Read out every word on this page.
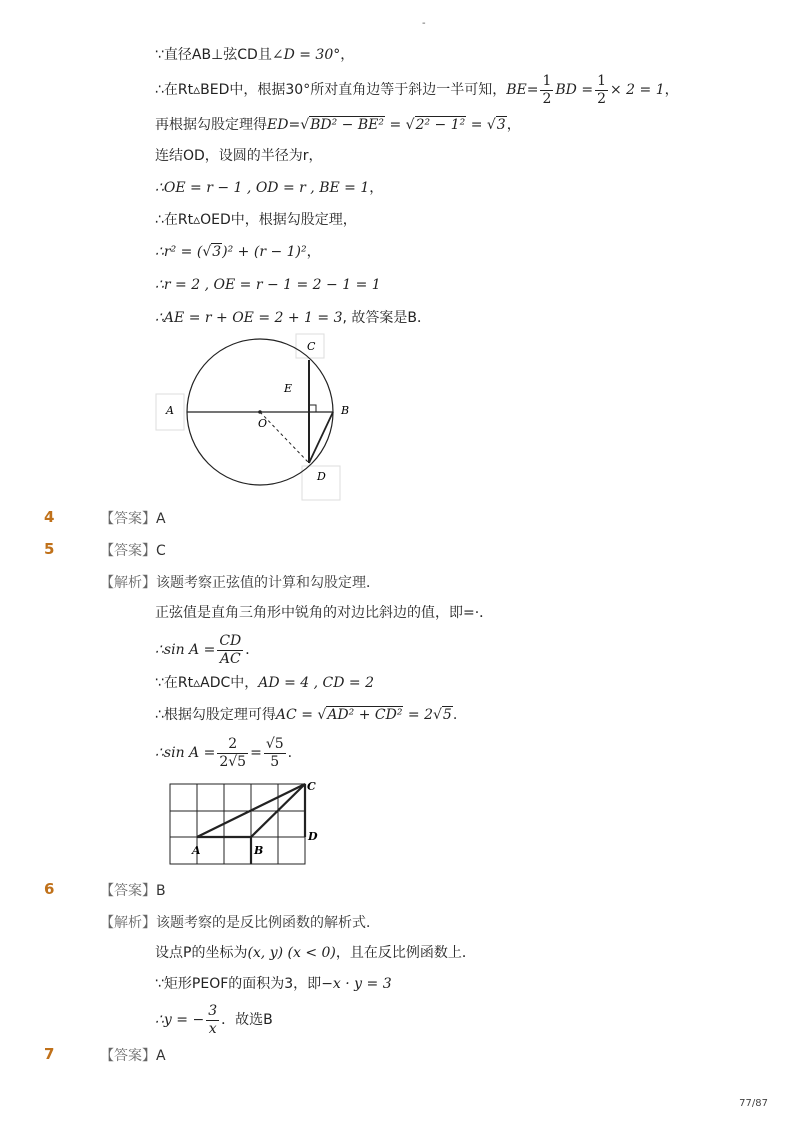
-
∵直径AB⊥弦CD且∠D = 30°，
∴在Rt▵BED中，根据30°所对直角边等于斜边一半可知，$BE= \frac{1}{2}$ BD = $\frac{1}{2} \times 2 = 1$，
再根据勾股定理得ED=√BD² − BE² = √2² − 1² = √3，
连结OD，设圆的半径为r，
∴OE = r − 1 , OD = r , BE = 1，
∴在Rt▵OED中，根据勾股定理，
∴r² = (√3)² + (r − 1)²，
∴r = 2 , OE = r − 1 = 2 − 1 = 1
∴AE = r + OE = 2 + 1 = 3, 故答案是B．
C
E
A
O
B
D
4	【答案】A
5	【答案】C
【解析】该题考察正弦值的计算和勾股定理．
正弦值是直角三角形中锐角的对边比斜边的值，即=·．
∴sin $A = \frac{CD}{AC}$ ．
∵在Rt▵ADC中，AD = 4 , CD = 2
∴根据勾股定理可得AC = √AD² + CD² = 2√5.
∴sin $A = \frac{2}{2√5} = \frac{√5}{5}$ .
C
D
A	B
6	【答案】B
【解析】该题考察的是反比例函数的解析式．
设点P的坐标为(x, y) (x < 0)，且在反比例函数上．
∵矩形PEOF的面积为3，即−x · y = 3
∴y = − $\frac{3}{x}$ ．故选B
7	【答案】A
77/87
